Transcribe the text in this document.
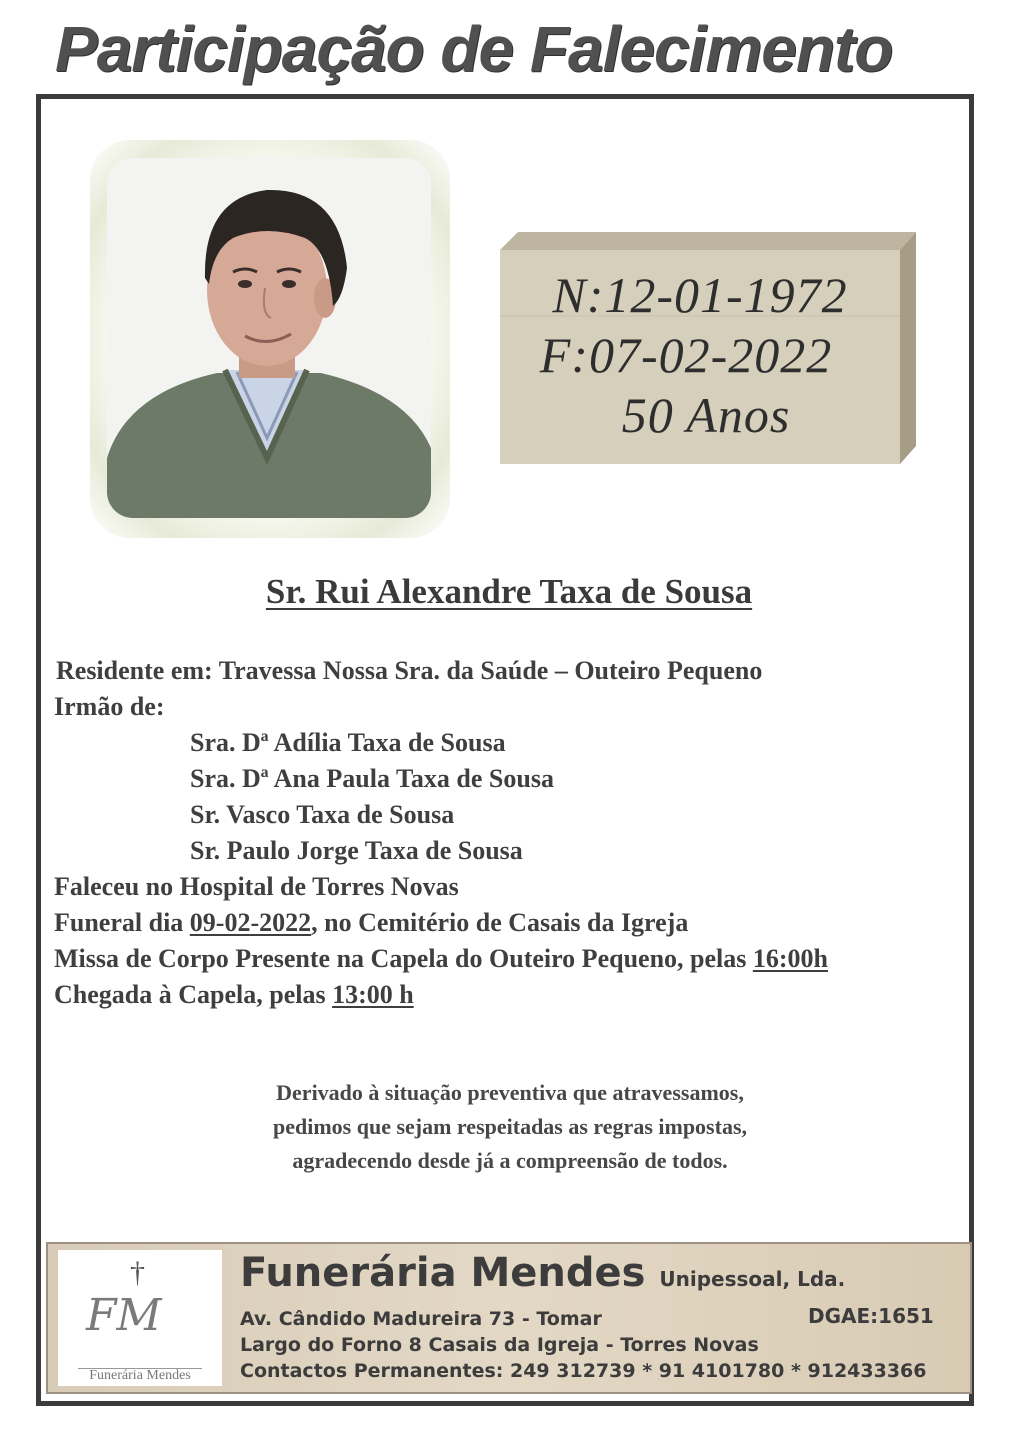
Participação de Falecimento
N:12-01-1972
F:07-02-2022
50 Anos
Sr. Rui Alexandre Taxa de Sousa
Residente em: Travessa Nossa Sra. da Saúde – Outeiro Pequeno
Irmão de:
Sra. Dª Adília Taxa de Sousa
Sra. Dª Ana Paula Taxa de Sousa
Sr. Vasco Taxa de Sousa
Sr. Paulo Jorge Taxa de Sousa
Faleceu no Hospital de Torres Novas
Funeral dia 09-02-2022, no Cemitério de Casais da Igreja
Missa de Corpo Presente na Capela do Outeiro Pequeno, pelas 16:00h
Chegada à Capela, pelas 13:00 h
Derivado à situação preventiva que atravessamos,
pedimos que sejam respeitadas as regras impostas,
agradecendo desde já a compreensão de todos.
†
FM
Funerária Mendes
Funerária Mendes Unipessoal, Lda.
Av. Cândido Madureira 73 - Tomar	DGAE:1651
Largo do Forno 8 Casais da Igreja - Torres Novas
Contactos Permanentes: 249 312739 * 91 4101780 * 912433366
